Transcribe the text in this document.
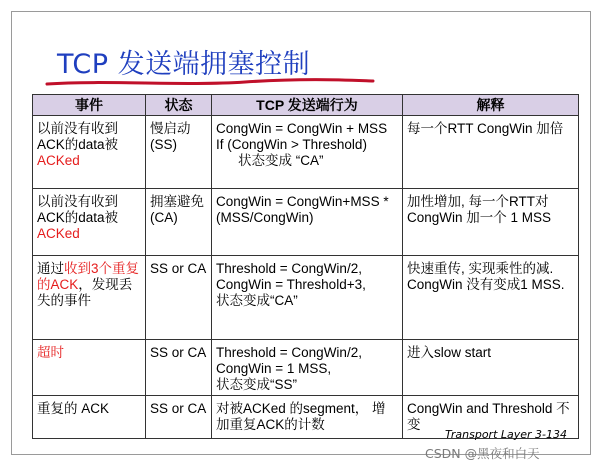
TCP 发送端拥塞控制
事件	状态	TCP 发送端行为	解释
以前没有收到ACK的data被ACKed	慢启动(SS)	CongWin = CongWin + MSS
If (CongWin > Threshold)
状态变成 “CA”	每一个RTT CongWin 加倍
以前没有收到ACK的data被ACKed	拥塞避免 (CA)	CongWin = CongWin+MSS * (MSS/CongWin)	加性增加, 每一个RTT对CongWin 加一个 1 MSS
通过收到3个重复的ACK，发现丢失的事件	SS or CA	Threshold = CongWin/2,
CongWin = Threshold+3,
状态变成“CA”	快速重传, 实现乘性的减. CongWin 没有变成1 MSS.
超时	SS or CA	Threshold = CongWin/2,
CongWin = 1 MSS,
状态变成“SS”	进入slow start
重复的 ACK	SS or CA	对被ACKed 的segment， 增加重复ACK的计数	CongWin and Threshold 不变
Transport Layer 3-134
CSDN @黑夜和白天
